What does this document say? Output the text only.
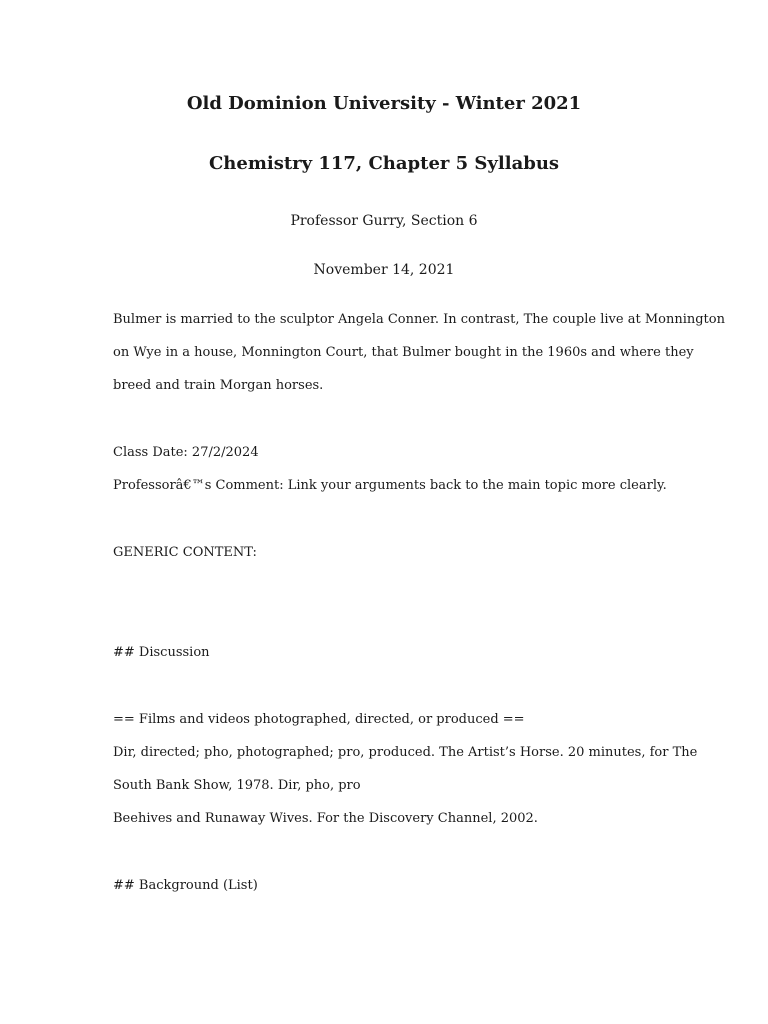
Old Dominion University - Winter 2021
Chemistry 117, Chapter 5 Syllabus
Professor Gurry, Section 6
November 14, 2021
Bulmer is married to the sculptor Angela Conner. In contrast, The couple live at Monnington
on Wye in a house, Monnington Court, that Bulmer bought in the 1960s and where they
breed and train Morgan horses.
Class Date: 27/2/2024
Professorâ€™s Comment: Link your arguments back to the main topic more clearly.
GENERIC CONTENT:
## Discussion
== Films and videos photographed, directed, or produced ==
Dir, directed; pho, photographed; pro, produced. The Artist’s Horse. 20 minutes, for The
South Bank Show, 1978. Dir, pho, pro
Beehives and Runaway Wives. For the Discovery Channel, 2002.
## Background (List)
